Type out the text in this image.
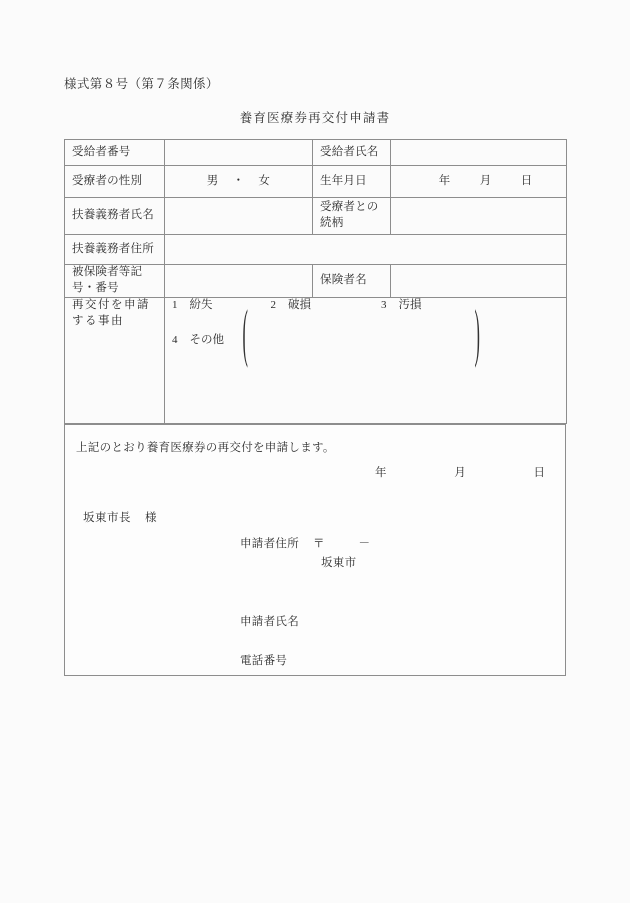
様式第８号（第７条関係）
養育医療券再交付申請書
受給者番号		受給者氏名	
受療者の性別	男 ・ 女	生年月日	年 月 日

扶養義務者氏名		受療者との続柄	
扶養義務者住所			
被保険者等記号・番号		保険者名	
再交付を申請する事由	
1 紛失	2 破損	3 汚損
4 その他 (	)
上記のとおり養育医療券の再交付を申請します。
年	月	日
坂東市長 様
申請者住所 〒	－
坂東市
申請者氏名
電話番号
